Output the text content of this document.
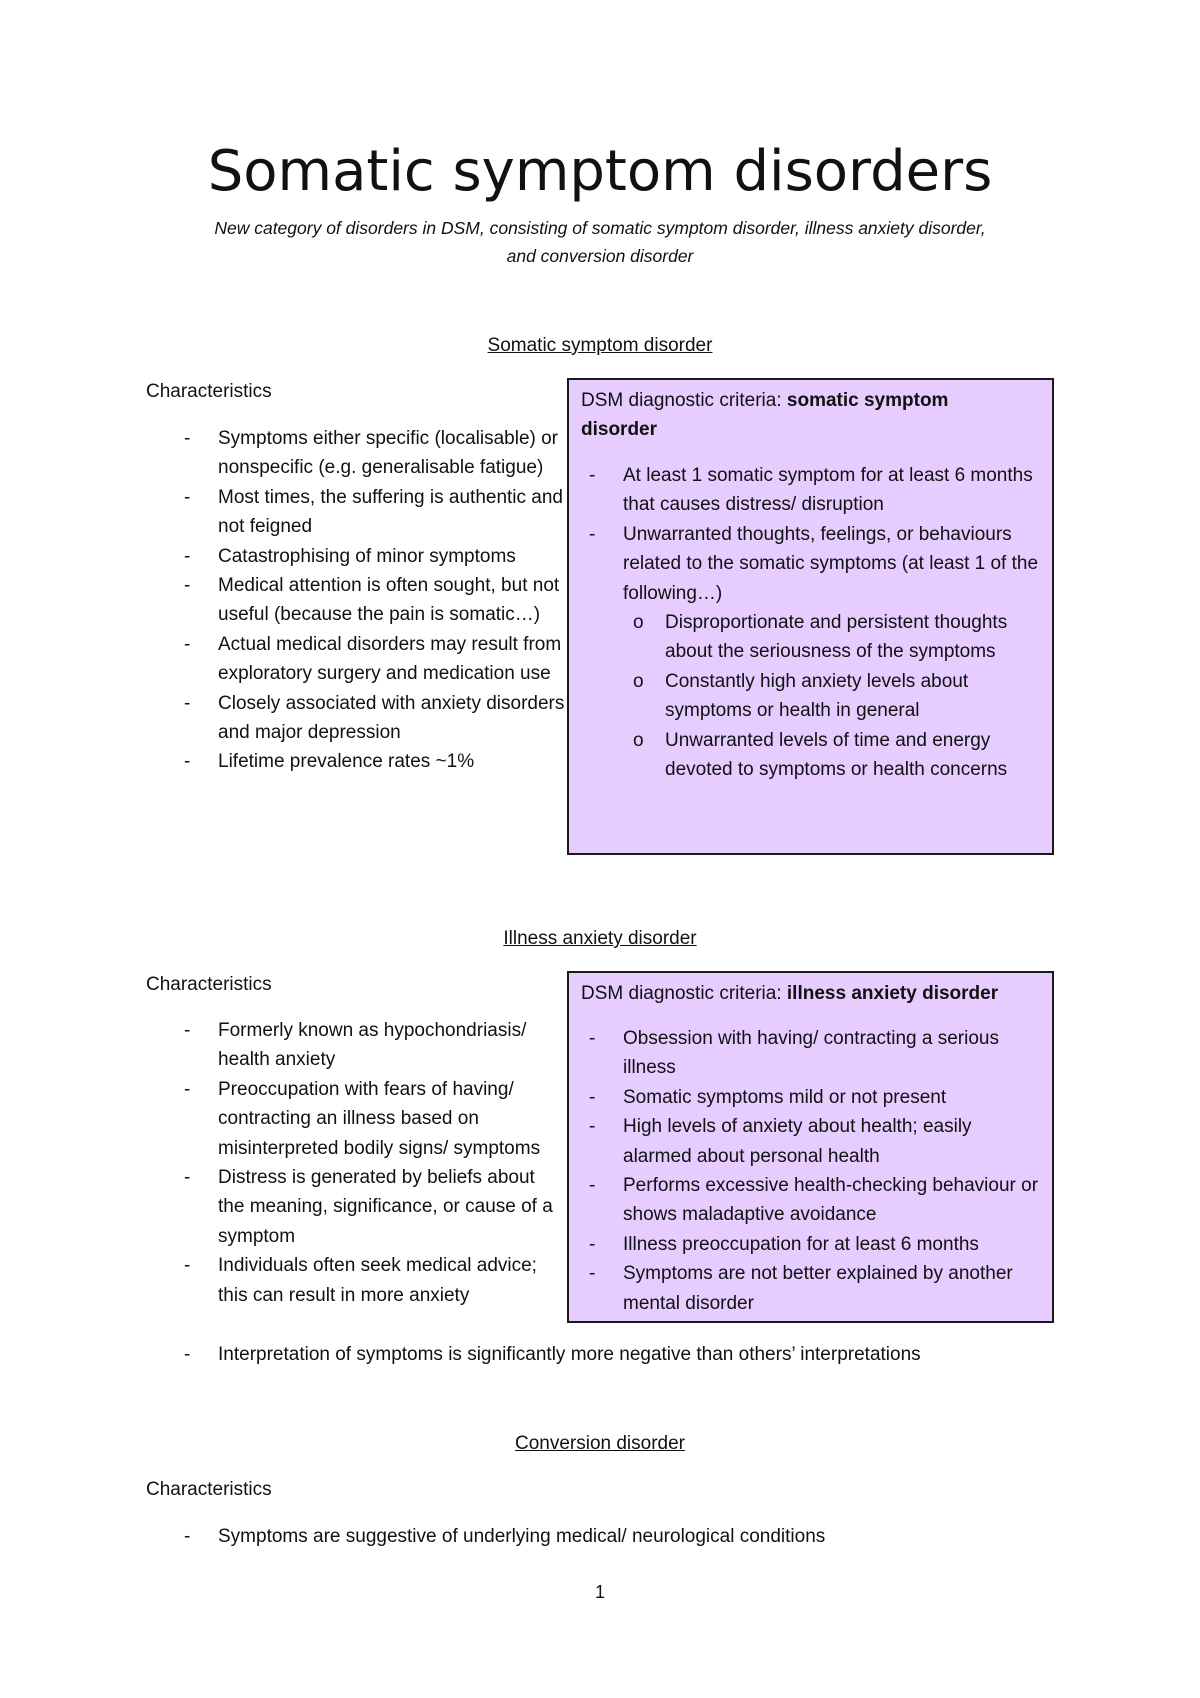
Somatic symptom disorders
New category of disorders in DSM, consisting of somatic symptom disorder, illness anxiety disorder,
and conversion disorder
Somatic symptom disorder
Characteristics
- Symptoms either specific (localisable) or nonspecific (e.g. generalisable fatigue)
- Most times, the suffering is authentic and not feigned
- Catastrophising of minor symptoms
- Medical attention is often sought, but not useful (because the pain is somatic…)
- Actual medical disorders may result from exploratory surgery and medication use
- Closely associated with anxiety disorders and major depression
- Lifetime prevalence rates ~1%
DSM diagnostic criteria: somatic symptom disorder
- At least 1 somatic symptom for at least 6 months that causes distress/ disruption
- Unwarranted thoughts, feelings, or behaviours related to the somatic symptoms (at least 1 of the following…)
o Disproportionate and persistent thoughts about the seriousness of the symptoms
o Constantly high anxiety levels about symptoms or health in general
o Unwarranted levels of time and energy devoted to symptoms or health concerns
Illness anxiety disorder
Characteristics
- Formerly known as hypochondriasis/ health anxiety
- Preoccupation with fears of having/ contracting an illness based on misinterpreted bodily signs/ symptoms
- Distress is generated by beliefs about the meaning, significance, or cause of a symptom
- Individuals often seek medical advice; this can result in more anxiety
- Interpretation of symptoms is significantly more negative than others’ interpretations
DSM diagnostic criteria: illness anxiety disorder
- Obsession with having/ contracting a serious illness
- Somatic symptoms mild or not present
- High levels of anxiety about health; easily alarmed about personal health
- Performs excessive health-checking behaviour or shows maladaptive avoidance
- Illness preoccupation for at least 6 months
- Symptoms are not better explained by another mental disorder
Conversion disorder
Characteristics
- Symptoms are suggestive of underlying medical/ neurological conditions
1
